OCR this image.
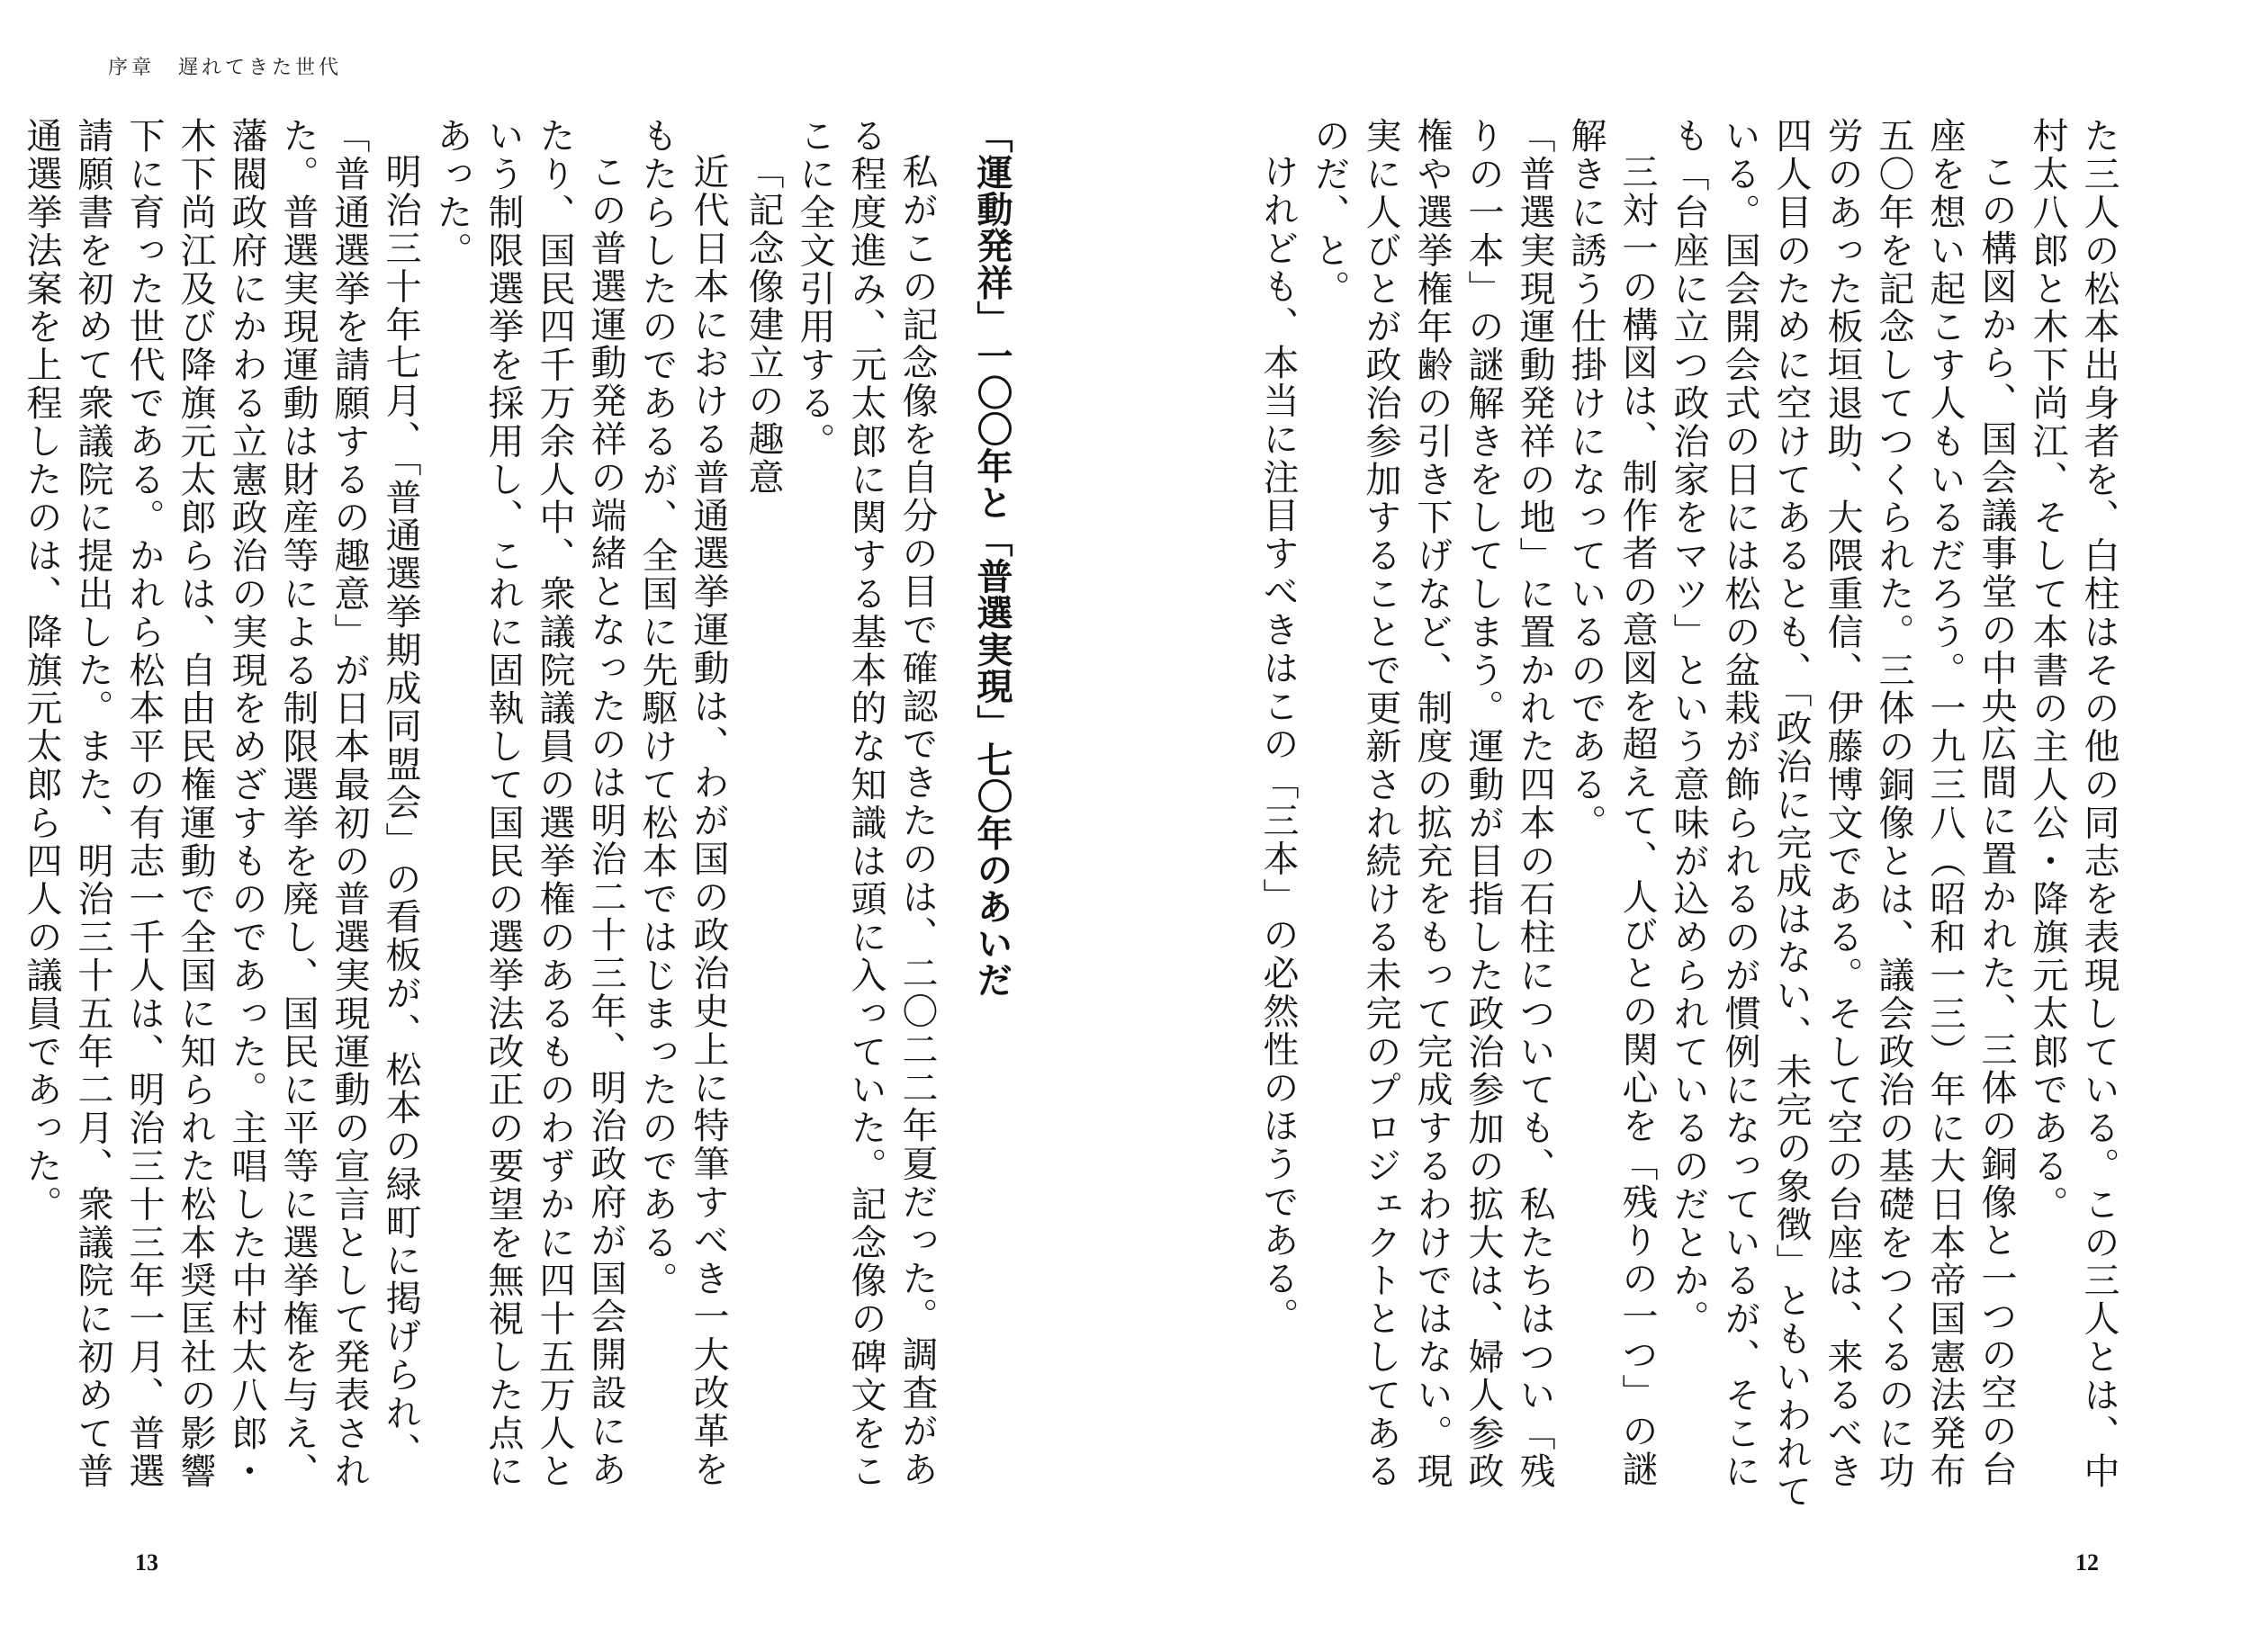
序章　遅れてきた世代

「運動発祥」一〇〇年と「普選実現」七〇年のあいだ

私がこの記念像を自分の目で確認できたのは、二〇二二年夏だった。調査がある程度進み、元太郎に関する基本的な知識は頭に入っていた。記念像の碑文をここに全文引用する。

「記念像建立の趣意

近代日本における普通選挙運動は、わが国の政治史上に特筆すべき一大改革をもたらしたのであるが、全国に先駆けて松本ではじまったのである。

この普選運動発祥の端緒となったのは明治二十三年、明治政府が国会開設にあたり、国民四千万余人中、衆議院議員の選挙権のあるものわずかに四十五万人という制限選挙を採用し、これに固執して国民の選挙法改正の要望を無視した点にあった。

明治三十年七月、「普通選挙期成同盟会」の看板が、松本の緑町に掲げられ、「普通選挙を請願するの趣意」が日本最初の普選実現運動の宣言として発表された。普選実現運動は財産等による制限選挙を廃し、国民に平等に選挙権を与え、藩閥政府にかわる立憲政治の実現をめざすものであった。主唱した中村太八郎・木下尚江及び降旗元太郎らは、自由民権運動で全国に知られた松本奨匡社の影響下に育った世代である。かれら松本平の有志一千人は、明治三十三年一月、普選請願書を初めて衆議院に提出した。また、明治三十五年二月、衆議院に初めて普通選挙法案を上程したのは、降旗元太郎ら四人の議員であった。	た三人の松本出身者を、白柱はその他の同志を表現している。この三人とは、中村太八郎と木下尚江、そして本書の主人公・降旗元太郎である。

この構図から、国会議事堂の中央広間に置かれた、三体の銅像と一つの空の台座を想い起こす人もいるだろう。一九三八（昭和一三）年に大日本帝国憲法発布五〇年を記念してつくられた。三体の銅像とは、議会政治の基礎をつくるのに功労のあった板垣退助、大隈重信、伊藤博文である。そして空の台座は、来るべき四人目のために空けてあるとも、「政治に完成はない、未完の象徴」ともいわれている。国会開会式の日には松の盆栽が飾られるのが慣例になっているが、そこにも「台座に立つ政治家をマツ」という意味が込められているのだとか。

三対一の構図は、制作者の意図を超えて、人びとの関心を「残りの一つ」の謎解きに誘う仕掛けになっているのである。

「普選実現運動発祥の地」に置かれた四本の石柱についても、私たちはつい「残りの一本」の謎解きをしてしまう。運動が目指した政治参加の拡大は、婦人参政権や選挙権年齢の引き下げなど、制度の拡充をもって完成するわけではない。現実に人びとが政治参加することで更新され続ける未完のプロジェクトとしてあるのだ、と。

けれども、本当に注目すべきはこの「三本」の必然性のほうである。

13	12
